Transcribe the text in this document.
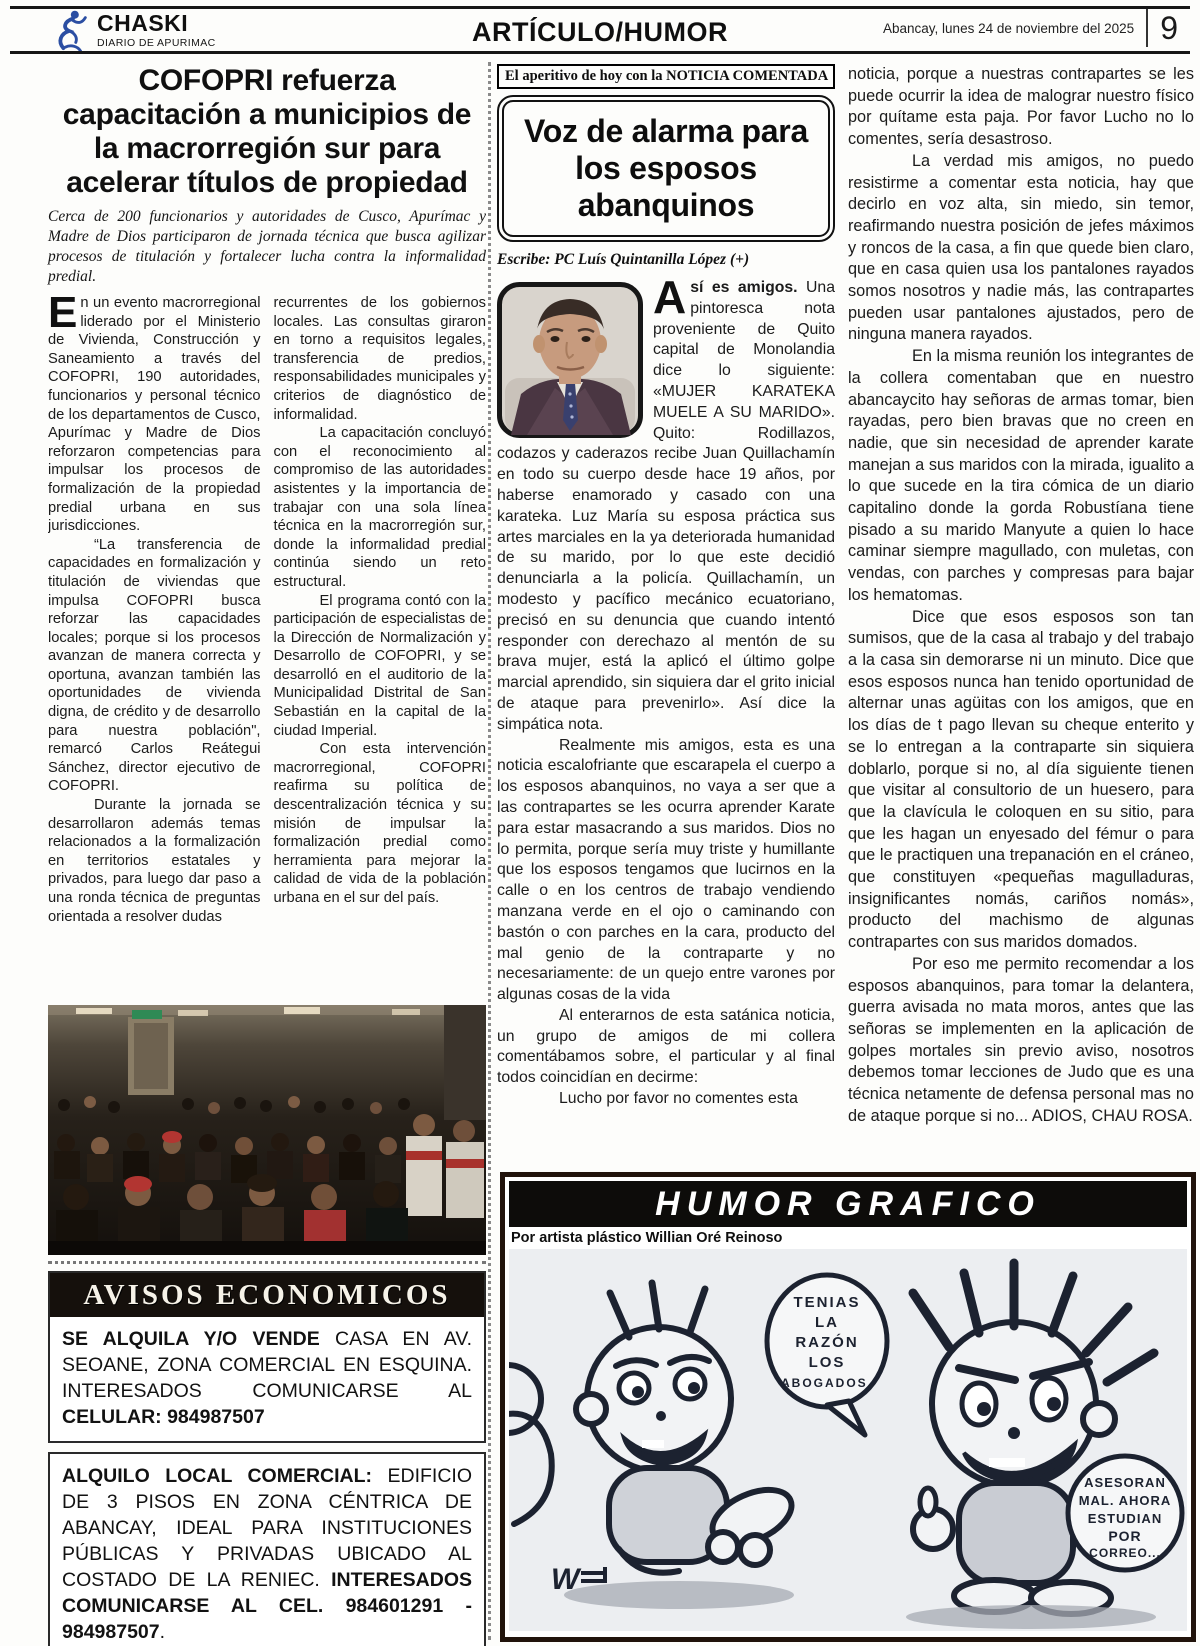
CHASKI
DIARIO DE APURIMAC	ARTÍCULO/HUMOR	Abancay, lunes 24 de noviembre del 2025 9
COFOPRI refuerza capacitación a municipios de la macrorregión sur para acelerar títulos de propiedad
Cerca de 200 funcionarios y autoridades de Cusco, Apurímac y Madre de Dios participaron de jornada técnica que busca agilizar procesos de titulación y fortalecer lucha contra la informalidad predial.

En un evento macrorregional liderado por el Ministerio de Vivienda, Construcción y Saneamiento a través del COFOPRI, 190 autoridades, funcionarios y personal técnico de los departamentos de Cusco, Apurímac y Madre de Dios reforzaron competencias para impulsar los procesos de formalización de la propiedad predial urbana en sus jurisdicciones.

“La transferencia de capacidades en formalización y titulación de viviendas que impulsa COFOPRI busca reforzar las capacidades locales; porque si los procesos avanzan de manera correcta y oportuna, avanzan también las oportunidades de vivienda digna, de crédito y de desarrollo para nuestra población", remarcó Carlos Reátegui Sánchez, director ejecutivo de COFOPRI.

Durante la jornada se desarrollaron además temas relacionados a la formalización en territorios estatales y privados, para luego dar paso a una ronda técnica de preguntas orientada a resolver dudas

recurrentes de los gobiernos locales. Las consultas giraron en torno a requisitos legales, transferencia de predios, responsabilidades municipales y criterios de diagnóstico de informalidad.

La capacitación concluyó con el reconocimiento al compromiso de las autoridades asistentes y la importancia de trabajar con una sola línea técnica en la macrorregión sur, donde la informalidad predial continúa siendo un reto estructural.

El programa contó con la participación de especialistas de la Dirección de Normalización y Desarrollo de COFOPRI, y se desarrolló en el auditorio de la Municipalidad Distrital de San Sebastián en la capital de la ciudad Imperial.

Con esta intervención macrorregional, COFOPRI reafirma su política de descentralización técnica y su misión de impulsar la formalización predial como herramienta para mejorar la calidad de vida de la población urbana en el sur del país.

AVISOS ECONOMICOS
SE ALQUILA Y/O VENDE CASA EN AV. SEOANE, ZONA COMERCIAL EN ESQUINA. INTERESADOS COMUNICARSE AL CELULAR: 984987507
ALQUILO LOCAL COMERCIAL: EDIFICIO DE 3 PISOS EN ZONA CÉNTRICA DE ABANCAY, IDEAL PARA INSTITUCIONES PÚBLICAS Y PRIVADAS UBICADO AL COSTADO DE LA RENIEC. INTERESADOS COMUNICARSE AL CEL. 984601291 - 984987507.
El aperitivo de hoy con la NOTICIA COMENTADA
Voz de alarma para los esposos abanquinos
Escribe: PC Luís Quintanilla López (+)

Así es amigos. Una pintoresca nota proveniente de Quito capital de Monolandia dice lo siguiente: «MUJER KARATEKA MUELE A SU MARIDO». Quito: Rodillazos, codazos y caderazos recibe Juan Quillachamín en todo su cuerpo desde hace 19 años, por haberse enamorado y casado con una karateka. Luz María su esposa práctica sus artes marciales en la ya deteriorada humanidad de su marido, por lo que este decidió denunciarla a la policía. Quillachamín, un modesto y pacífico mecánico ecuatoriano, precisó en su denuncia que cuando intentó responder con derechazo al mentón de su brava mujer, está la aplicó el último golpe marcial aprendido, sin siquiera dar el grito inicial de ataque para prevenirlo». Así dice la simpática nota.

Realmente mis amigos, esta es una noticia escalofriante que escarapela el cuerpo a los esposos abanquinos, no vaya a ser que a las contrapartes se les ocurra aprender Karate para estar masacrando a sus maridos. Dios no lo permita, porque sería muy triste y humillante que los esposos tengamos que lucirnos en la calle o en los centros de trabajo vendiendo manzana verde en el ojo o caminando con bastón o con parches en la cara, producto del mal genio de la contraparte y no necesariamente: de un quejo entre varones por algunas cosas de la vida

Al enterarnos de esta satánica noticia, un grupo de amigos de mi collera comentábamos sobre, el particular y al final todos coincidían en decirme:

Lucho por favor no comentes esta

noticia, porque a nuestras contrapartes se les puede ocurrir la idea de malograr nuestro físico por quítame esta paja. Por favor Lucho no lo comentes, sería desastroso.

La verdad mis amigos, no puedo resistirme a comentar esta noticia, hay que decirlo en voz alta, sin miedo, sin temor, reafirmando nuestra posición de jefes máximos y roncos de la casa, a fin que quede bien claro, que en casa quien usa los pantalones rayados somos nosotros y nadie más, las contrapartes pueden usar pantalones ajustados, pero de ninguna manera rayados.

En la misma reunión los integrantes de la collera comentaban que en nuestro abancaycito hay señoras de armas tomar, bien rayadas, pero bien bravas que no creen en nadie, que sin necesidad de aprender karate manejan a sus maridos con la mirada, igualito a lo que sucede en la tira cómica de un diario capitalino donde la gorda Robustíana tiene pisado a su marido Manyute a quien lo hace caminar siempre magullado, con muletas, con vendas, con parches y compresas para bajar los hematomas.

Dice que esos esposos son tan sumisos, que de la casa al trabajo y del trabajo a la casa sin demorarse ni un minuto. Dice que esos esposos nunca han tenido oportunidad de alternar unas agüitas con los amigos, que en los días de t pago llevan su cheque enterito y se lo entregan a la contraparte sin siquiera doblarlo, porque si no, al día siguiente tienen que visitar al consultorio de un huesero, para que la clavícula le coloquen en su sitio, para que les hagan un enyesado del fémur o para que le practiquen una trepanación en el cráneo, que constituyen «pequeñas magulladuras, insignificantes nomás, cariños nomás», producto del machismo de algunas contrapartes con sus maridos domados.

Por eso me permito recomendar a los esposos abanquinos, para tomar la delantera, guerra avisada no mata moros, antes que las señoras se implementen en la aplicación de golpes mortales sin previo aviso, nosotros debemos tomar lecciones de Judo que es una técnica netamente de defensa personal mas no de ataque porque si no... ADIOS, CHAU ROSA.

HUMOR GRAFICO
Por artista plástico Willian Oré Reinoso
TENIAS
LA
RAZÓN
LOS
ABOGADOS.
ASESORAN
MAL. AHORA
ESTUDIAN
POR
CORREO...
W
